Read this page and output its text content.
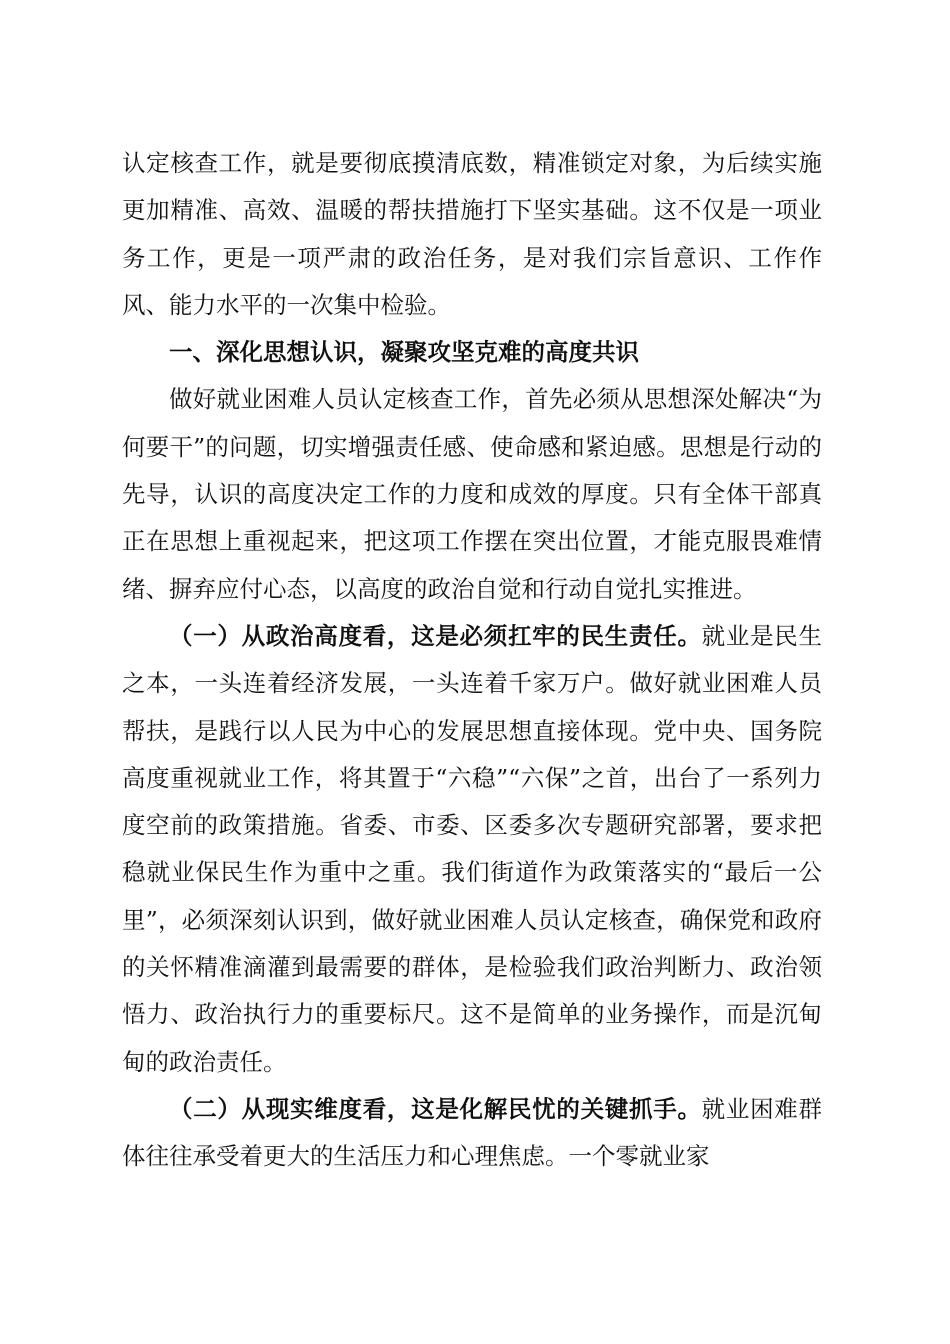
认定核查工作，就是要彻底摸清底数，精准锁定对象，为后续实施更加精准、高效、温暖的帮扶措施打下坚实基础。这不仅是一项业务工作，更是一项严肃的政治任务，是对我们宗旨意识、工作作风、能力水平的一次集中检验。

一、深化思想认识，凝聚攻坚克难的高度共识

做好就业困难人员认定核查工作，首先必须从思想深处解决“为何要干”的问题，切实增强责任感、使命感和紧迫感。思想是行动的先导，认识的高度决定工作的力度和成效的厚度。只有全体干部真正在思想上重视起来，把这项工作摆在突出位置，才能克服畏难情绪、摒弃应付心态，以高度的政治自觉和行动自觉扎实推进。

（一）从政治高度看，这是必须扛牢的民生责任。就业是民生之本，一头连着经济发展，一头连着千家万户。做好就业困难人员帮扶，是践行以人民为中心的发展思想直接体现。党中央、国务院高度重视就业工作，将其置于“六稳”“六保”之首，出台了一系列力度空前的政策措施。省委、市委、区委多次专题研究部署，要求把稳就业保民生作为重中之重。我们街道作为政策落实的“最后一公里”，必须深刻认识到，做好就业困难人员认定核查，确保党和政府的关怀精准滴灌到最需要的群体，是检验我们政治判断力、政治领悟力、政治执行力的重要标尺。这不是简单的业务操作，而是沉甸甸的政治责任。

（二）从现实维度看，这是化解民忧的关键抓手。就业困难群体往往承受着更大的生活压力和心理焦虑。一个零就业家
